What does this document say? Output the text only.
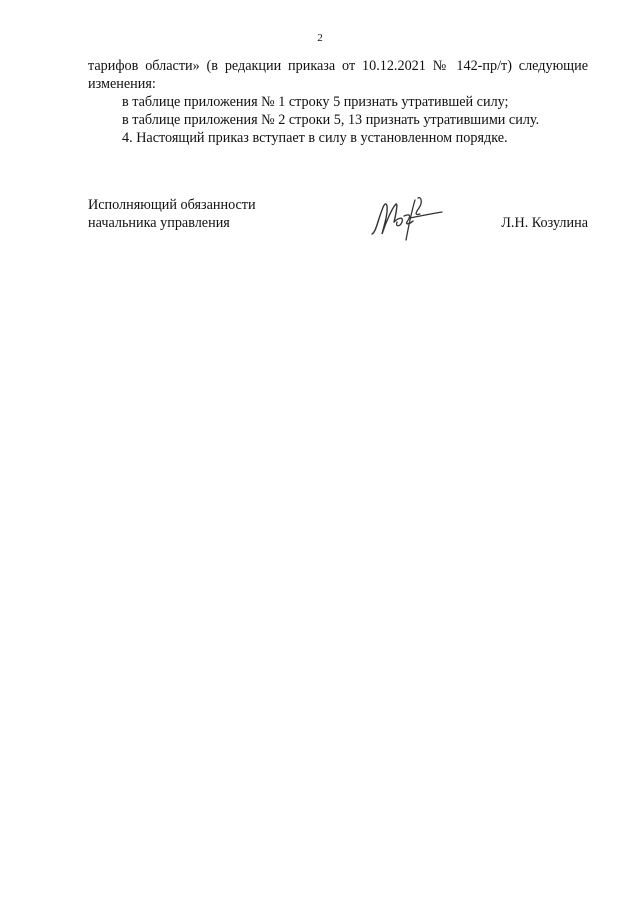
2

тарифов области» (в редакции приказа от 10.12.2021 № 142-пр/т) следующие

изменения:

в таблице приложения № 1 строку 5 признать утратившей силу;

в таблице приложения № 2 строки 5, 13 признать утратившими силу.

4. Настоящий приказ вступает в силу в установленном порядке.

Исполняющий обязанности
начальника управления	Л.Н. Козулина
